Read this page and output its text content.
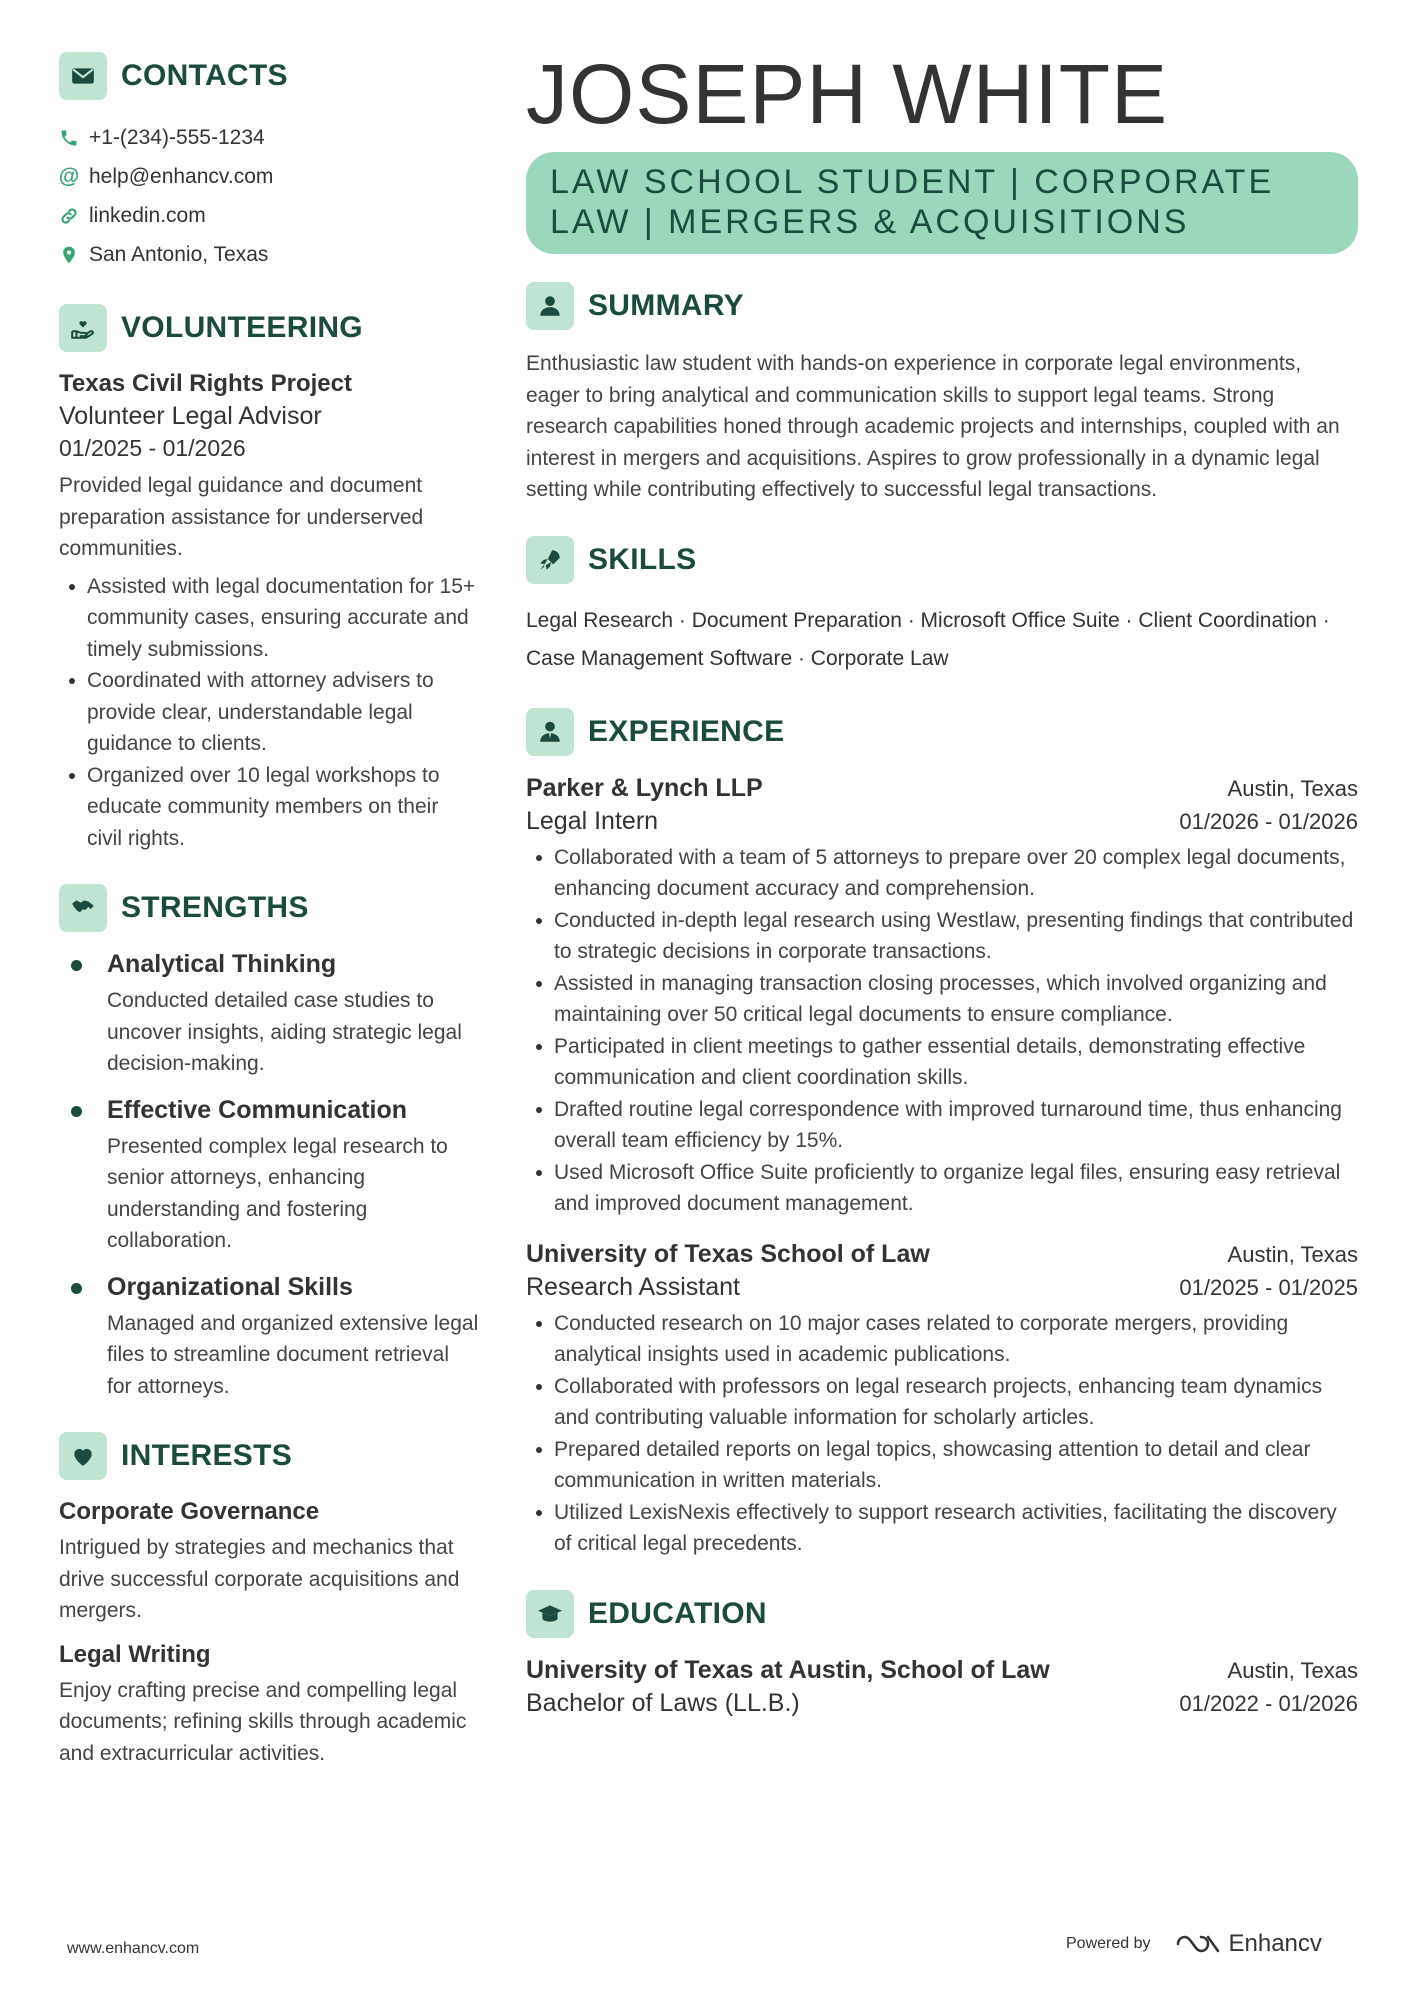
CONTACTS
+1-(234)-555-1234
@ help@enhancv.com
linkedin.com
San Antonio, Texas
VOLUNTEERING
Texas Civil Rights Project
Volunteer Legal Advisor
01/2025 - 01/2026
Provided legal guidance and document preparation assistance for underserved communities.
Assisted with legal documentation for 15+ community cases, ensuring accurate and timely submissions.
Coordinated with attorney advisers to provide clear, understandable legal guidance to clients.
Organized over 10 legal workshops to educate community members on their civil rights.
STRENGTHS
Analytical Thinking
Conducted detailed case studies to uncover insights, aiding strategic legal decision-making.
Effective Communication
Presented complex legal research to senior attorneys, enhancing understanding and fostering collaboration.
Organizational Skills
Managed and organized extensive legal files to streamline document retrieval for attorneys.
INTERESTS
Corporate Governance
Intrigued by strategies and mechanics that drive successful corporate acquisitions and mergers.
Legal Writing
Enjoy crafting precise and compelling legal documents; refining skills through academic and extracurricular activities.
JOSEPH WHITE
LAW SCHOOL STUDENT | CORPORATE
LAW | MERGERS & ACQUISITIONS
SUMMARY
Enthusiastic law student with hands-on experience in corporate legal environments, eager to bring analytical and communication skills to support legal teams. Strong research capabilities honed through academic projects and internships, coupled with an interest in mergers and acquisitions. Aspires to grow professionally in a dynamic legal setting while contributing effectively to successful legal transactions.
SKILLS
Legal Research · Document Preparation · Microsoft Office Suite · Client Coordination ·
Case Management Software · Corporate Law
EXPERIENCE
Parker & Lynch LLP	Austin, Texas
Legal Intern	01/2026 - 01/2026
Collaborated with a team of 5 attorneys to prepare over 20 complex legal documents, enhancing document accuracy and comprehension.
Conducted in-depth legal research using Westlaw, presenting findings that contributed to strategic decisions in corporate transactions.
Assisted in managing transaction closing processes, which involved organizing and maintaining over 50 critical legal documents to ensure compliance.
Participated in client meetings to gather essential details, demonstrating effective communication and client coordination skills.
Drafted routine legal correspondence with improved turnaround time, thus enhancing overall team efficiency by 15%.
Used Microsoft Office Suite proficiently to organize legal files, ensuring easy retrieval and improved document management.
University of Texas School of Law	Austin, Texas
Research Assistant	01/2025 - 01/2025
Conducted research on 10 major cases related to corporate mergers, providing analytical insights used in academic publications.
Collaborated with professors on legal research projects, enhancing team dynamics and contributing valuable information for scholarly articles.
Prepared detailed reports on legal topics, showcasing attention to detail and clear communication in written materials.
Utilized LexisNexis effectively to support research activities, facilitating the discovery of critical legal precedents.
EDUCATION
University of Texas at Austin, School of Law	Austin, Texas
Bachelor of Laws (LL.B.)	01/2022 - 01/2026
www.enhancv.com	Powered by	Enhancv
